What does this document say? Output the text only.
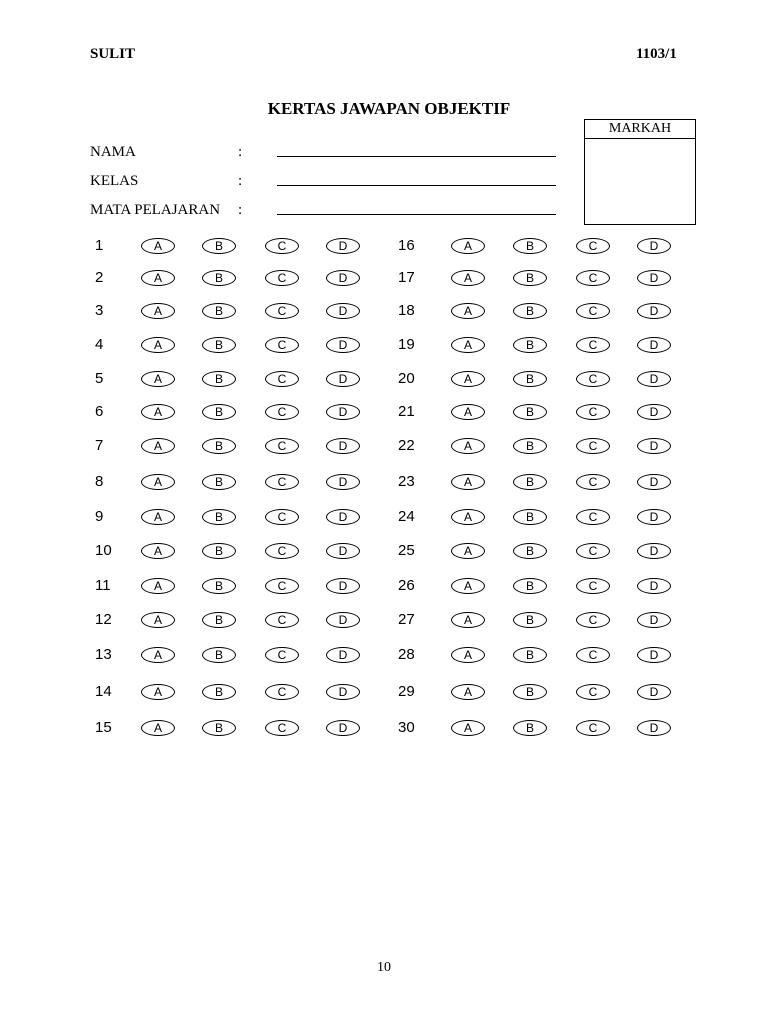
SULIT	1103/1
KERTAS JAWAPAN OBJEKTIF
MARKAH
NAMA	:
KELAS	:
MATA PELAJARAN :
1	A	B	C	D
2	A	B	C	D
3	A	B	C	D
4	A	B	C	D
5	A	B	C	D
6	A	B	C	D
7	A	B	C	D
8	A	B	C	D
9	A	B	C	D
10	A	B	C	D
11	A	B	C	D
12	A	B	C	D
13	A	B	C	D
14	A	B	C	D
15	A	B	C	D
16	A	B	C	D
17	A	B	C	D
18	A	B	C	D
19	A	B	C	D
20	A	B	C	D
21	A	B	C	D
22	A	B	C	D
23	A	B	C	D
24	A	B	C	D
25	A	B	C	D
26	A	B	C	D
27	A	B	C	D
28	A	B	C	D
29	A	B	C	D
30	A	B	C	D
10
